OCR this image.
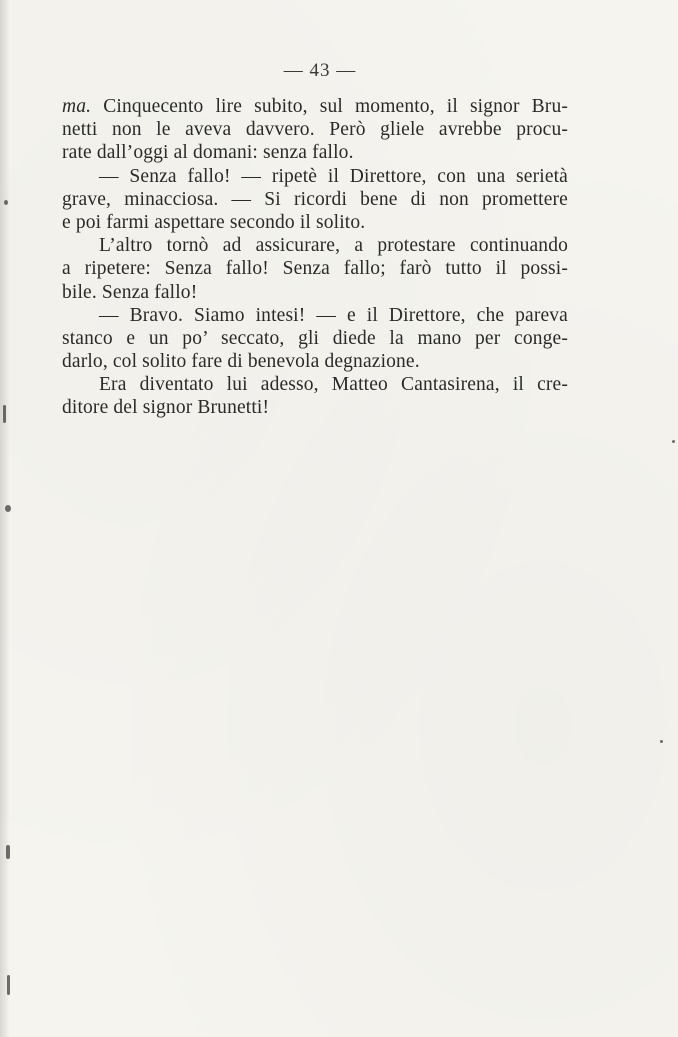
— 43 —
ma. Cinquecento lire subito, sul momento, il signor Bru-
netti non le aveva davvero. Però gliele avrebbe procu-
rate dall’oggi al domani: senza fallo.
— Senza fallo! — ripetè il Direttore, con una serietà
grave, minacciosa. — Si ricordi bene di non promettere
e poi farmi aspettare secondo il solito.
L’altro tornò ad assicurare, a protestare continuando
a ripetere: Senza fallo! Senza fallo; farò tutto il possi-
bile. Senza fallo!
— Bravo. Siamo intesi! — e il Direttore, che pareva
stanco e un po’ seccato, gli diede la mano per conge-
darlo, col solito fare di benevola degnazione.
Era diventato lui adesso, Matteo Cantasirena, il cre-
ditore del signor Brunetti!
